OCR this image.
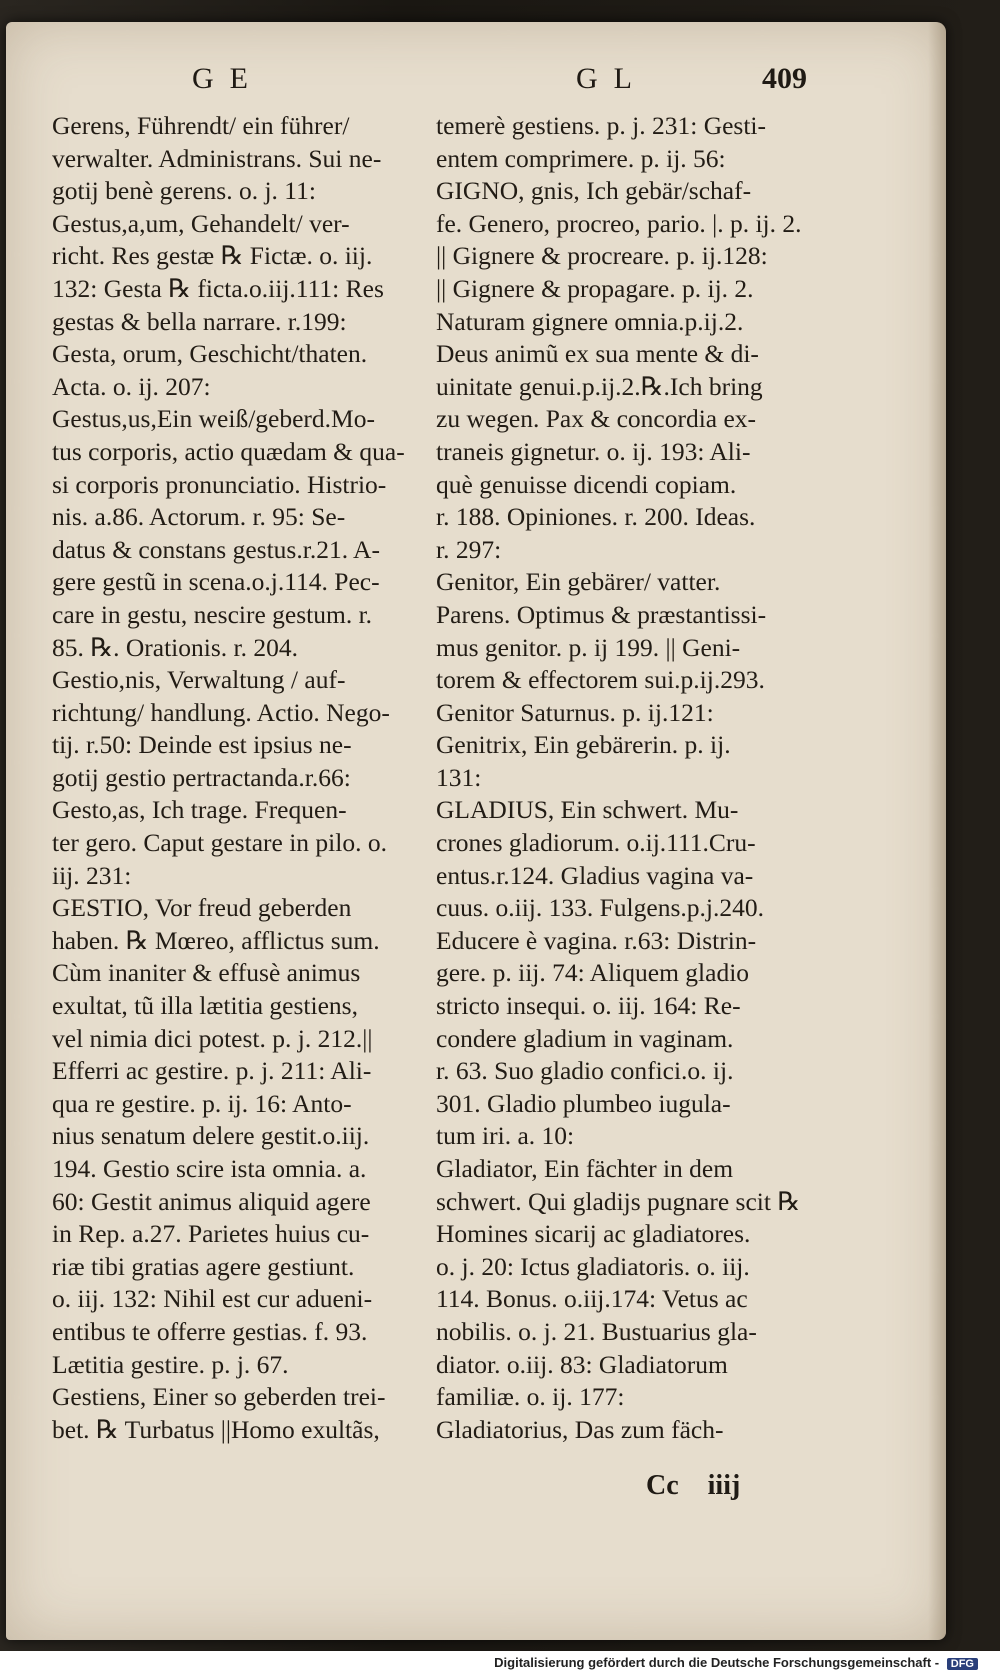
GE	GL	409
Gerens, Führendt/ ein führer/
verwalter. Administrans. Sui ne-
gotij benè gerens. o. j. 11:
Gestus,a,um, Gehandelt/ ver-
richt. Res gestæ ℞ Fictæ. o. iij.
132: Gesta ℞ ficta.o.iij.111: Res
gestas & bella narrare. r.199:
Gesta, orum, Geschicht/thaten.
Acta. o. ij. 207:
Gestus,us,Ein weiß/geberd.Mo-
tus corporis, actio quædam & qua-
si corporis pronunciatio. Histrio-
nis. a.86. Actorum. r. 95: Se-
datus & constans gestus.r.21. A-
gere gestũ in scena.o.j.114. Pec-
care in gestu, nescire gestum. r.
85. ℞. Orationis. r. 204.
Gestio,nis, Verwaltung / auf-
richtung/ handlung. Actio. Nego-
tij. r.50: Deinde est ipsius ne-
gotij gestio pertractanda.r.66:
Gesto,as, Ich trage. Frequen-
ter gero. Caput gestare in pilo. o.
iij. 231:
GESTIO, Vor freud geberden
haben. ℞ Mœreo, afflictus sum.
Cùm inaniter & effusè animus
exultat, tũ illa lætitia gestiens,
vel nimia dici potest. p. j. 212.||
Efferri ac gestire. p. j. 211: Ali-
qua re gestire. p. ij. 16: Anto-
nius senatum delere gestit.o.iij.
194. Gestio scire ista omnia. a.
60: Gestit animus aliquid agere
in Rep. a.27. Parietes huius cu-
riæ tibi gratias agere gestiunt.
o. iij. 132: Nihil est cur adueni-
entibus te offerre gestias. f. 93.
Lætitia gestire. p. j. 67.
Gestiens, Einer so geberden trei-
bet. ℞ Turbatus ||Homo exultãs,
temerè gestiens. p. j. 231: Gesti-
entem comprimere. p. ij. 56:
GIGNO, gnis, Ich gebär/schaf-
fe. Genero, procreo, pario. |. p. ij. 2.
|| Gignere & procreare. p. ij.128:
|| Gignere & propagare. p. ij. 2.
Naturam gignere omnia.p.ij.2.
Deus animũ ex sua mente & di-
uinitate genui.p.ij.2.℞.Ich bring
zu wegen. Pax & concordia ex-
traneis gignetur. o. ij. 193: Ali-
què genuisse dicendi copiam.
r. 188. Opiniones. r. 200. Ideas.
r. 297:
Genitor, Ein gebärer/ vatter.
Parens. Optimus & præstantissi-
mus genitor. p. ij 199. || Geni-
torem & effectorem sui.p.ij.293.
Genitor Saturnus. p. ij.121:
Genitrix, Ein gebärerin. p. ij.
131:
GLADIUS, Ein schwert. Mu-
crones gladiorum. o.ij.111.Cru-
entus.r.124. Gladius vagina va-
cuus. o.iij. 133. Fulgens.p.j.240.
Educere è vagina. r.63: Distrin-
gere. p. iij. 74: Aliquem gladio
stricto insequi. o. iij. 164: Re-
condere gladium in vaginam.
r. 63. Suo gladio confici.o. ij.
301. Gladio plumbeo iugula-
tum iri. a. 10:
Gladiator, Ein fächter in dem
schwert. Qui gladijs pugnare scit ℞
Homines sicarij ac gladiatores.
o. j. 20: Ictus gladiatoris. o. iij.
114. Bonus. o.iij.174: Vetus ac
nobilis. o. j. 21. Bustuarius gla-
diator. o.iij. 83: Gladiatorum
familiæ. o. ij. 177:
Gladiatorius, Das zum fäch-
Cc iiij
Digitalisierung gefördert durch die Deutsche Forschungsgemeinschaft - DFG
